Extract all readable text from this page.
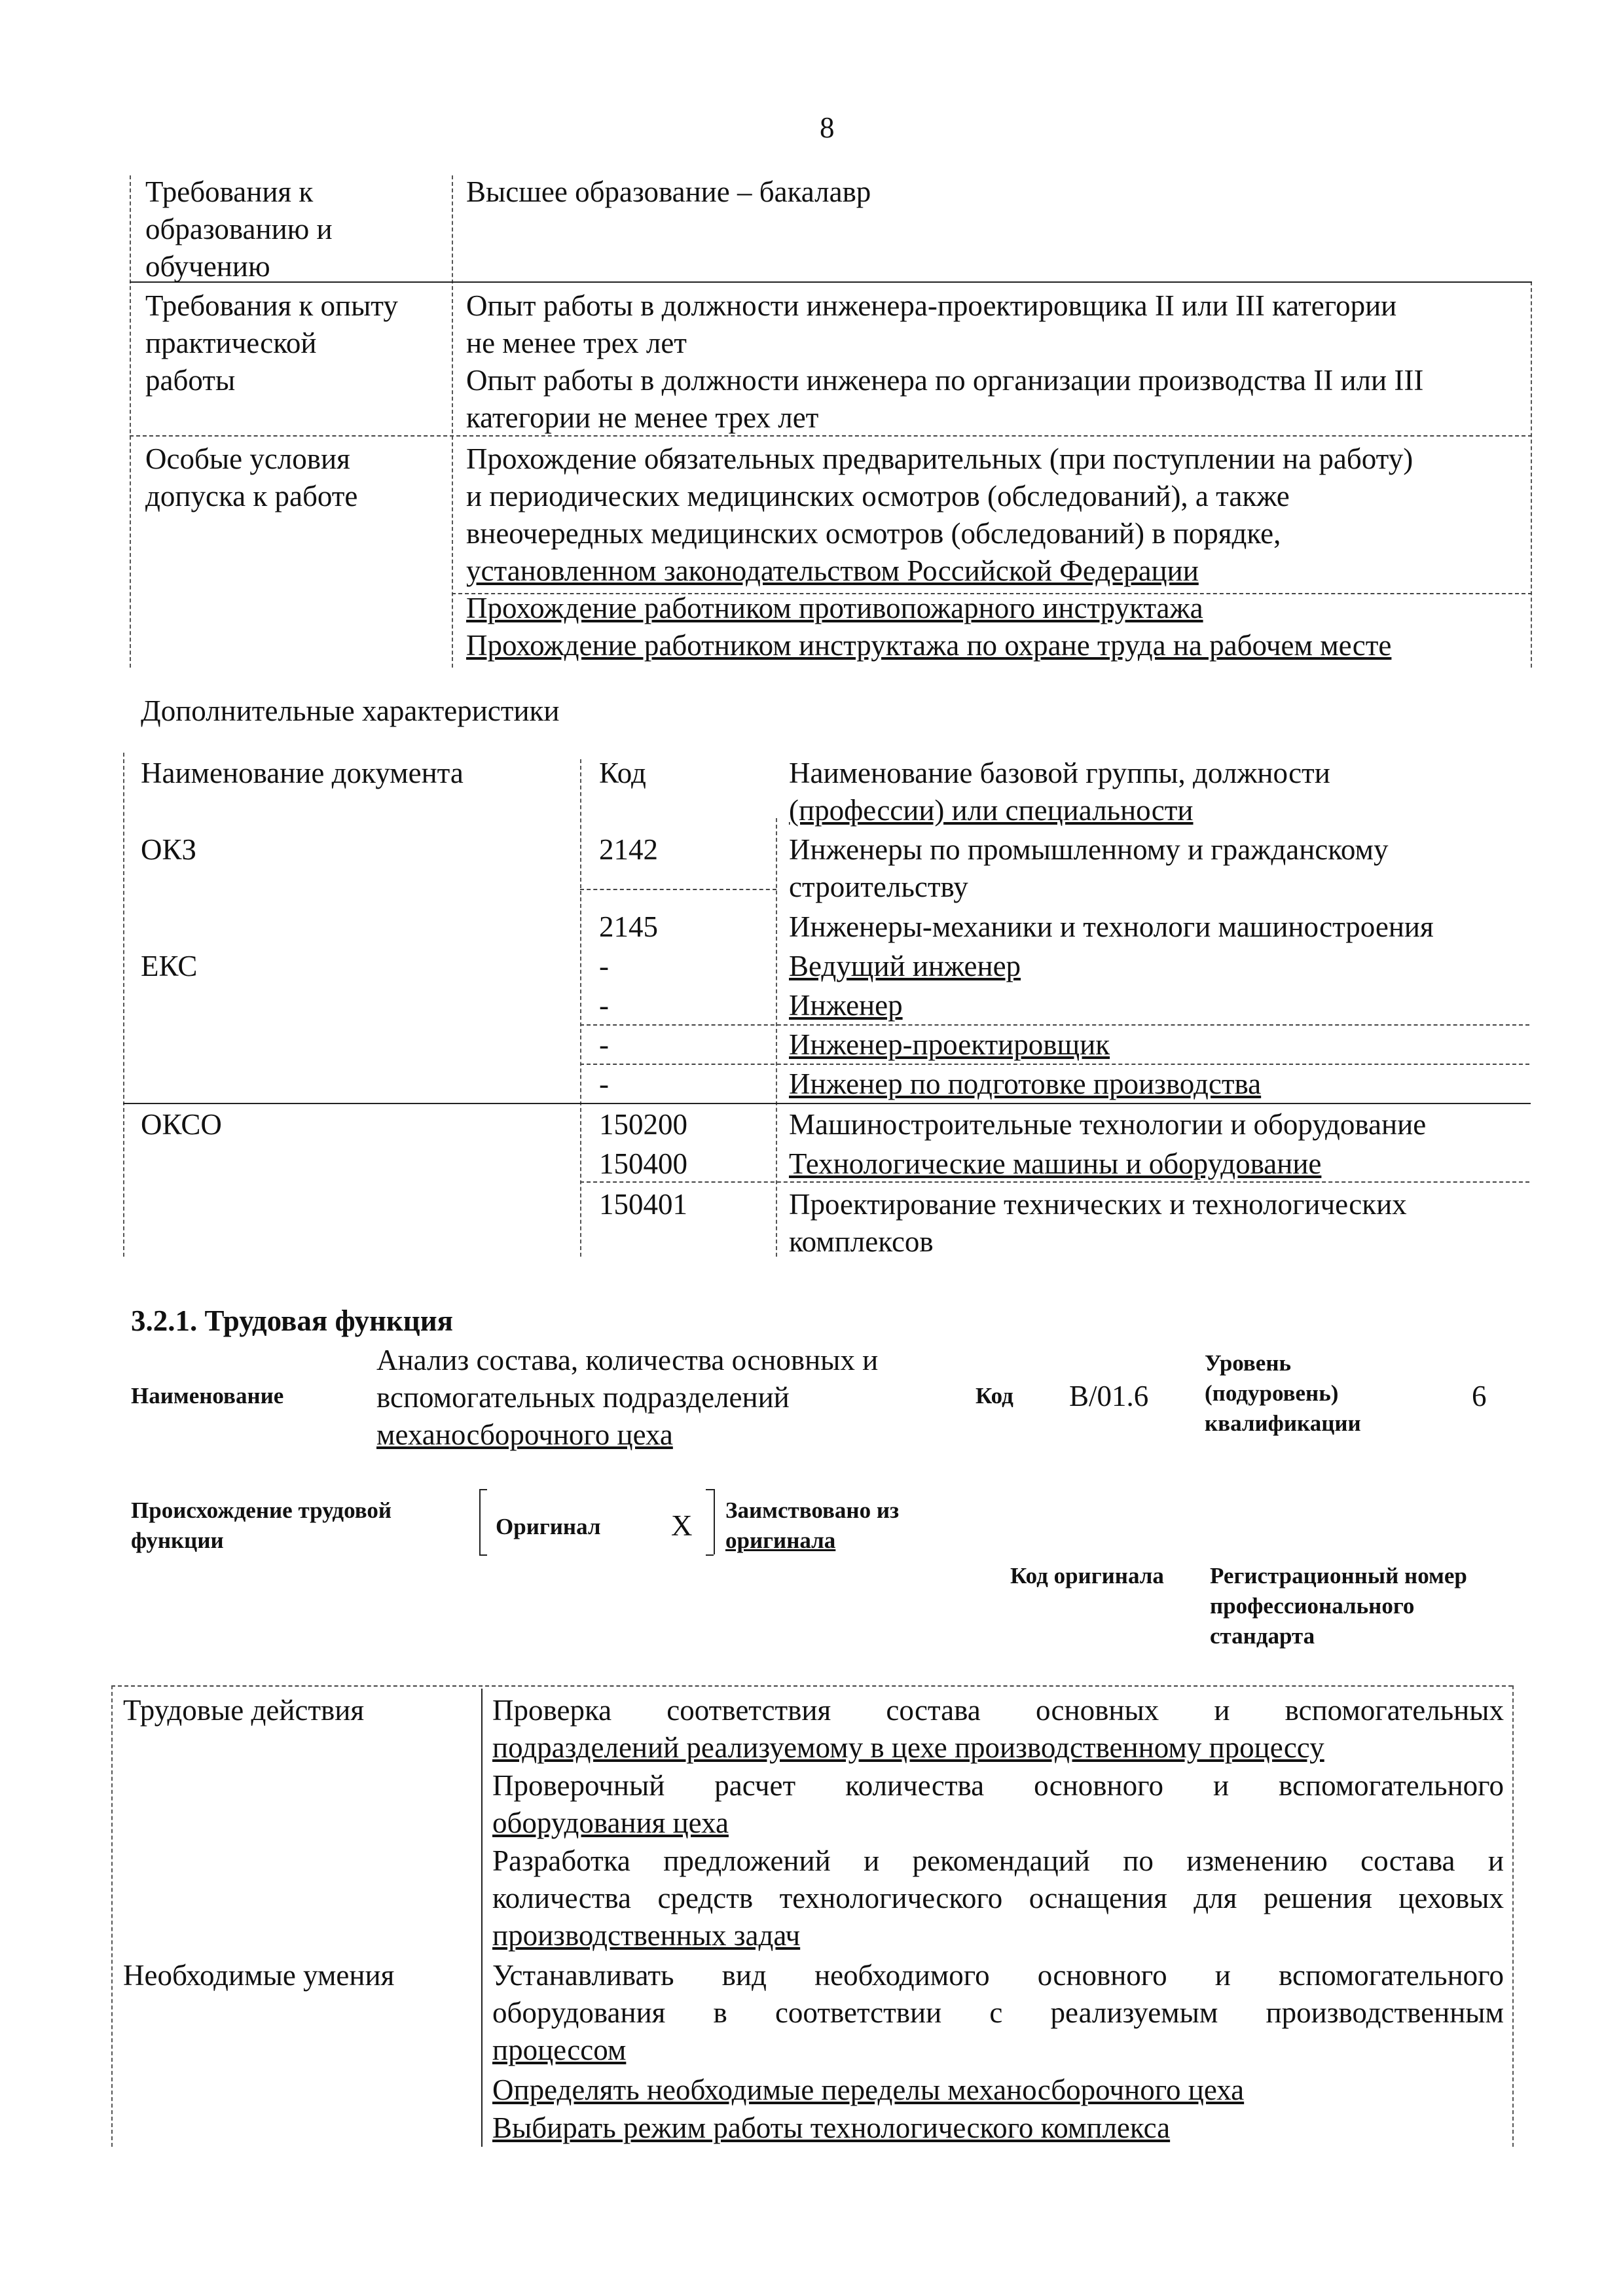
8
Требования к
образованию и
обучению
Высшее образование – бакалавр
Требования к опыту
практической
работы
Опыт работы в должности инженера-проектировщика II или III категории
не менее трех лет
Опыт работы в должности инженера по организации производства II или III
категории не менее трех лет
Особые условия
допуска к работе
Прохождение обязательных предварительных (при поступлении на работу)
и периодических медицинских осмотров (обследований), а также
внеочередных медицинских осмотров (обследований) в порядке,
установленном законодательством Российской Федерации
Прохождение работником противопожарного инструктажа
Прохождение работником инструктажа по охране труда на рабочем месте
Дополнительные характеристики
Наименование документа	Код	Наименование базовой группы, должности
(профессии) или специальности
ОКЗ
ЕКС
ОКСО
2142
2145
-
-
-
-
150200
150400
150401
Инженеры по промышленному и гражданскому
строительству
Инженеры-механики и технологи машиностроения
Ведущий инженер
Инженер
Инженер-проектировщик
Инженер по подготовке производства
Машиностроительные технологии и оборудование
Технологические машины и оборудование
Проектирование технических и технологических
комплексов
3.2.1. Трудовая функция
Наименование
Анализ состава, количества основных и
вспомогательных подразделений
механосборочного цеха
Код B/01.6
Уровень
(подуровень)
квалификации
6
Происхождение трудовой
функции
Оригинал X Заимствовано из
оригинала
Код оригинала Регистрационный номер
профессионального
стандарта
Трудовые действия
Необходимые умения
Проверка соответствия состава основных и вспомогательных
подразделений реализуемому в цехе производственному процессу
Проверочный расчет количества основного и вспомогательного
оборудования цеха
Разработка предложений и рекомендаций по изменению состава и
количества средств технологического оснащения для решения цеховых
производственных задач
Устанавливать вид необходимого основного и вспомогательного
оборудования в соответствии с реализуемым производственным
процессом
Определять необходимые переделы механосборочного цеха
Выбирать режим работы технологического комплекса
